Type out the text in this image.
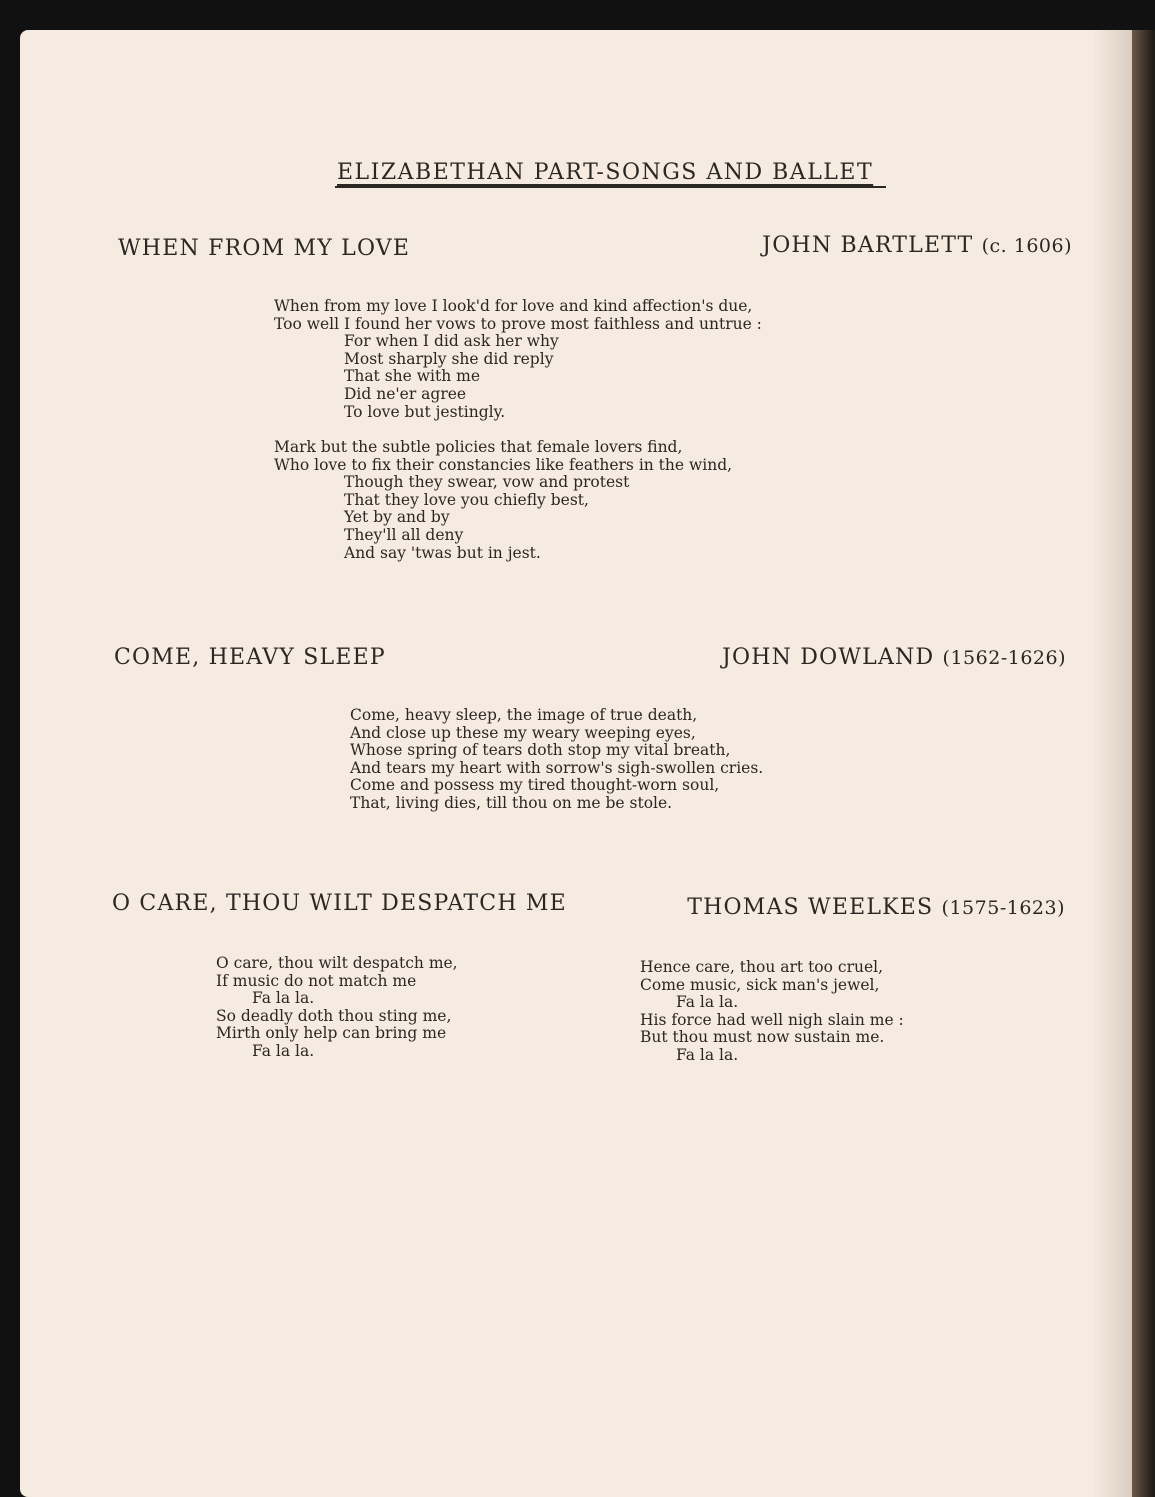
ELIZABETHAN PART-SONGS AND BALLET
WHEN FROM MY LOVE	JOHN BARTLETT (c. 1606)
When from my love I look'd for love and kind affection's due,
Too well I found her vows to prove most faithless and untrue :
For when I did ask her why
Most sharply she did reply
That she with me
Did ne'er agree
To love but jestingly.
Mark but the subtle policies that female lovers find,
Who love to fix their constancies like feathers in the wind,
Though they swear, vow and protest
That they love you chiefly best,
Yet by and by
They'll all deny
And say 'twas but in jest.
COME, HEAVY SLEEP	JOHN DOWLAND (1562-1626)
Come, heavy sleep, the image of true death,
And close up these my weary weeping eyes,
Whose spring of tears doth stop my vital breath,
And tears my heart with sorrow's sigh-swollen cries.
Come and possess my tired thought-worn soul,
That, living dies, till thou on me be stole.
O CARE, THOU WILT DESPATCH ME	THOMAS WEELKES (1575-1623)
O care, thou wilt despatch me,
If music do not match me
Fa la la.
So deadly doth thou sting me,
Mirth only help can bring me
Fa la la.
Hence care, thou art too cruel,
Come music, sick man's jewel,
Fa la la.
His force had well nigh slain me :
But thou must now sustain me.
Fa la la.
